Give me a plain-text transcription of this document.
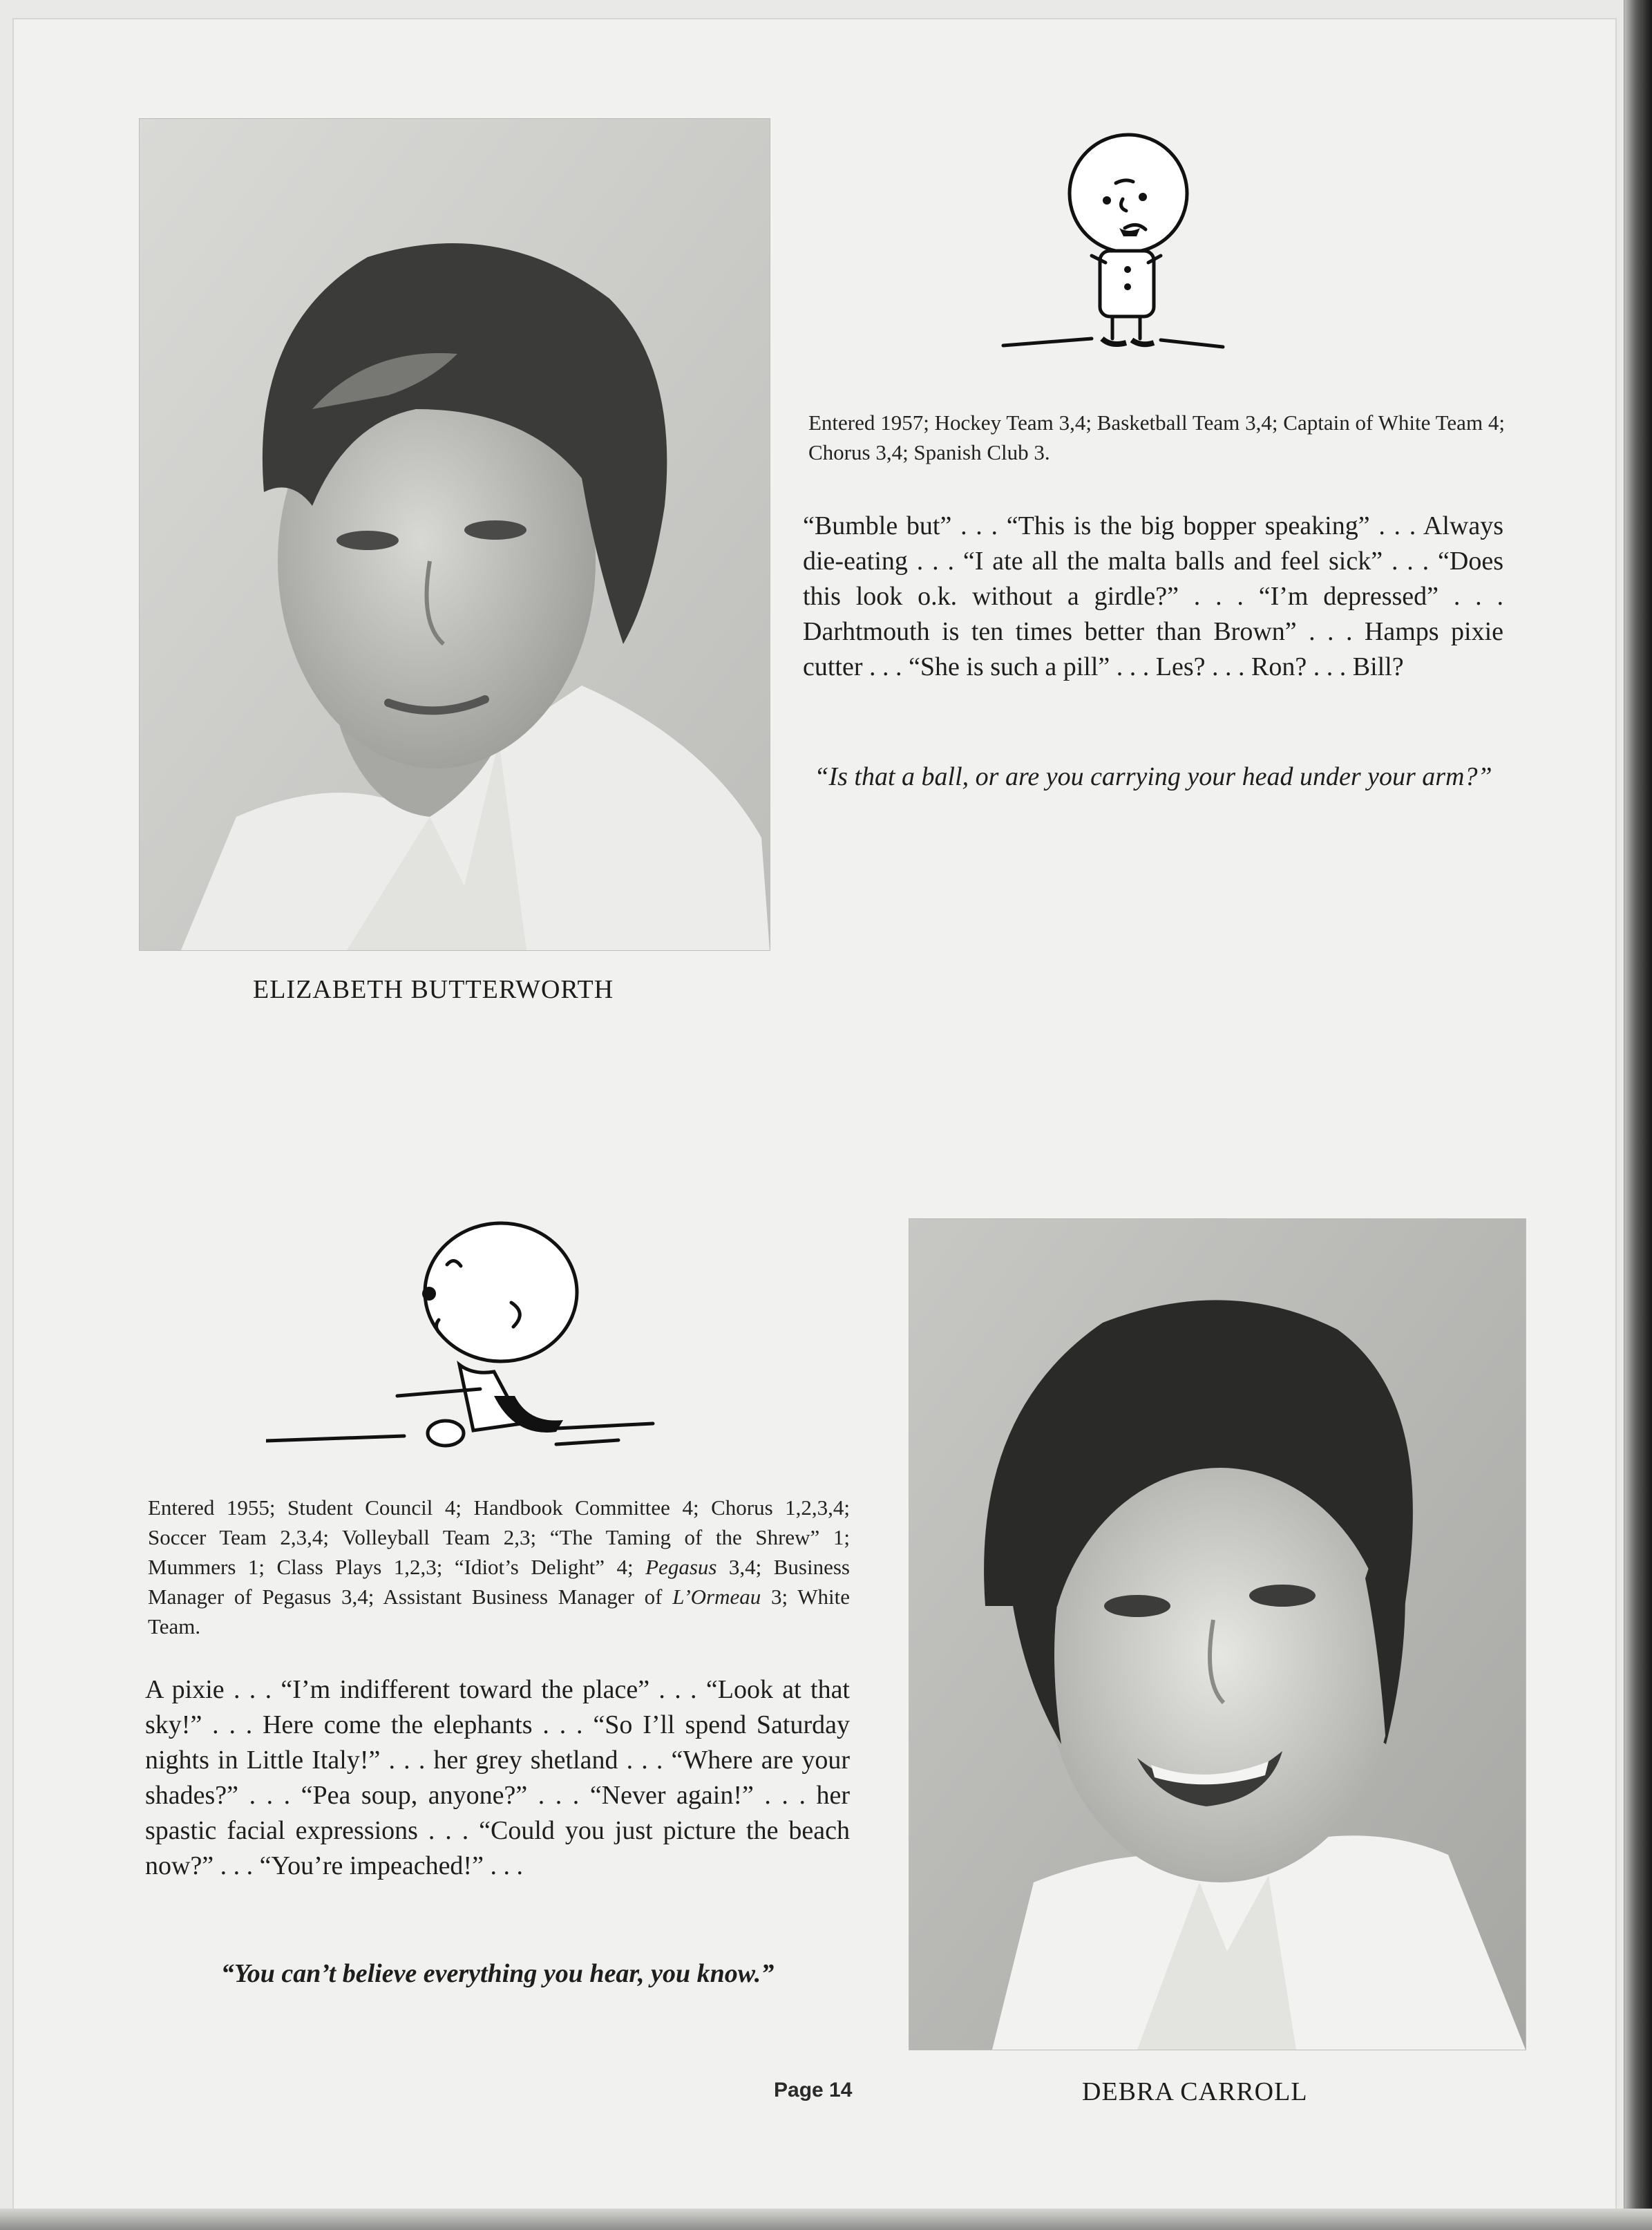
ELIZABETH BUTTERWORTH
Entered 1957; Hockey Team 3,4; Basketball Team 3,4; Captain of White Team 4; Chorus 3,4; Spanish Club 3.
“Bumble but” . . . “This is the big bopper speaking” . . . Always die-eating . . . “I ate all the malta balls and feel sick” . . . “Does this look o.k. without a girdle?” . . . “I’m depressed” . . . Darhtmouth is ten times better than Brown” . . . Hamps pixie cutter . . . “She is such a pill” . . . Les? . . . Ron? . . . Bill?
“Is that a ball, or are you carrying your head under your arm?”
Entered 1955; Student Council 4; Handbook Committee 4; Chorus 1,2,3,4; Soccer Team 2,3,4; Volleyball Team 2,3; “The Taming of the Shrew” 1; Mummers 1; Class Plays 1,2,3; “Idiot’s Delight” 4; Pegasus 3,4; Business Manager of Pegasus 3,4; Assistant Business Manager of L’Ormeau 3; White Team.
A pixie . . . “I’m indifferent toward the place” . . . “Look at that sky!” . . . Here come the elephants . . . “So I’ll spend Saturday nights in Little Italy!” . . . her grey shetland . . . “Where are your shades?” . . . “Pea soup, anyone?” . . . “Never again!” . . . her spastic facial expressions . . . “Could you just picture the beach now?” . . . “You’re impeached!” . . .
“You can’t believe everything you hear, you know.”
DEBRA CARROLL
Page 14
